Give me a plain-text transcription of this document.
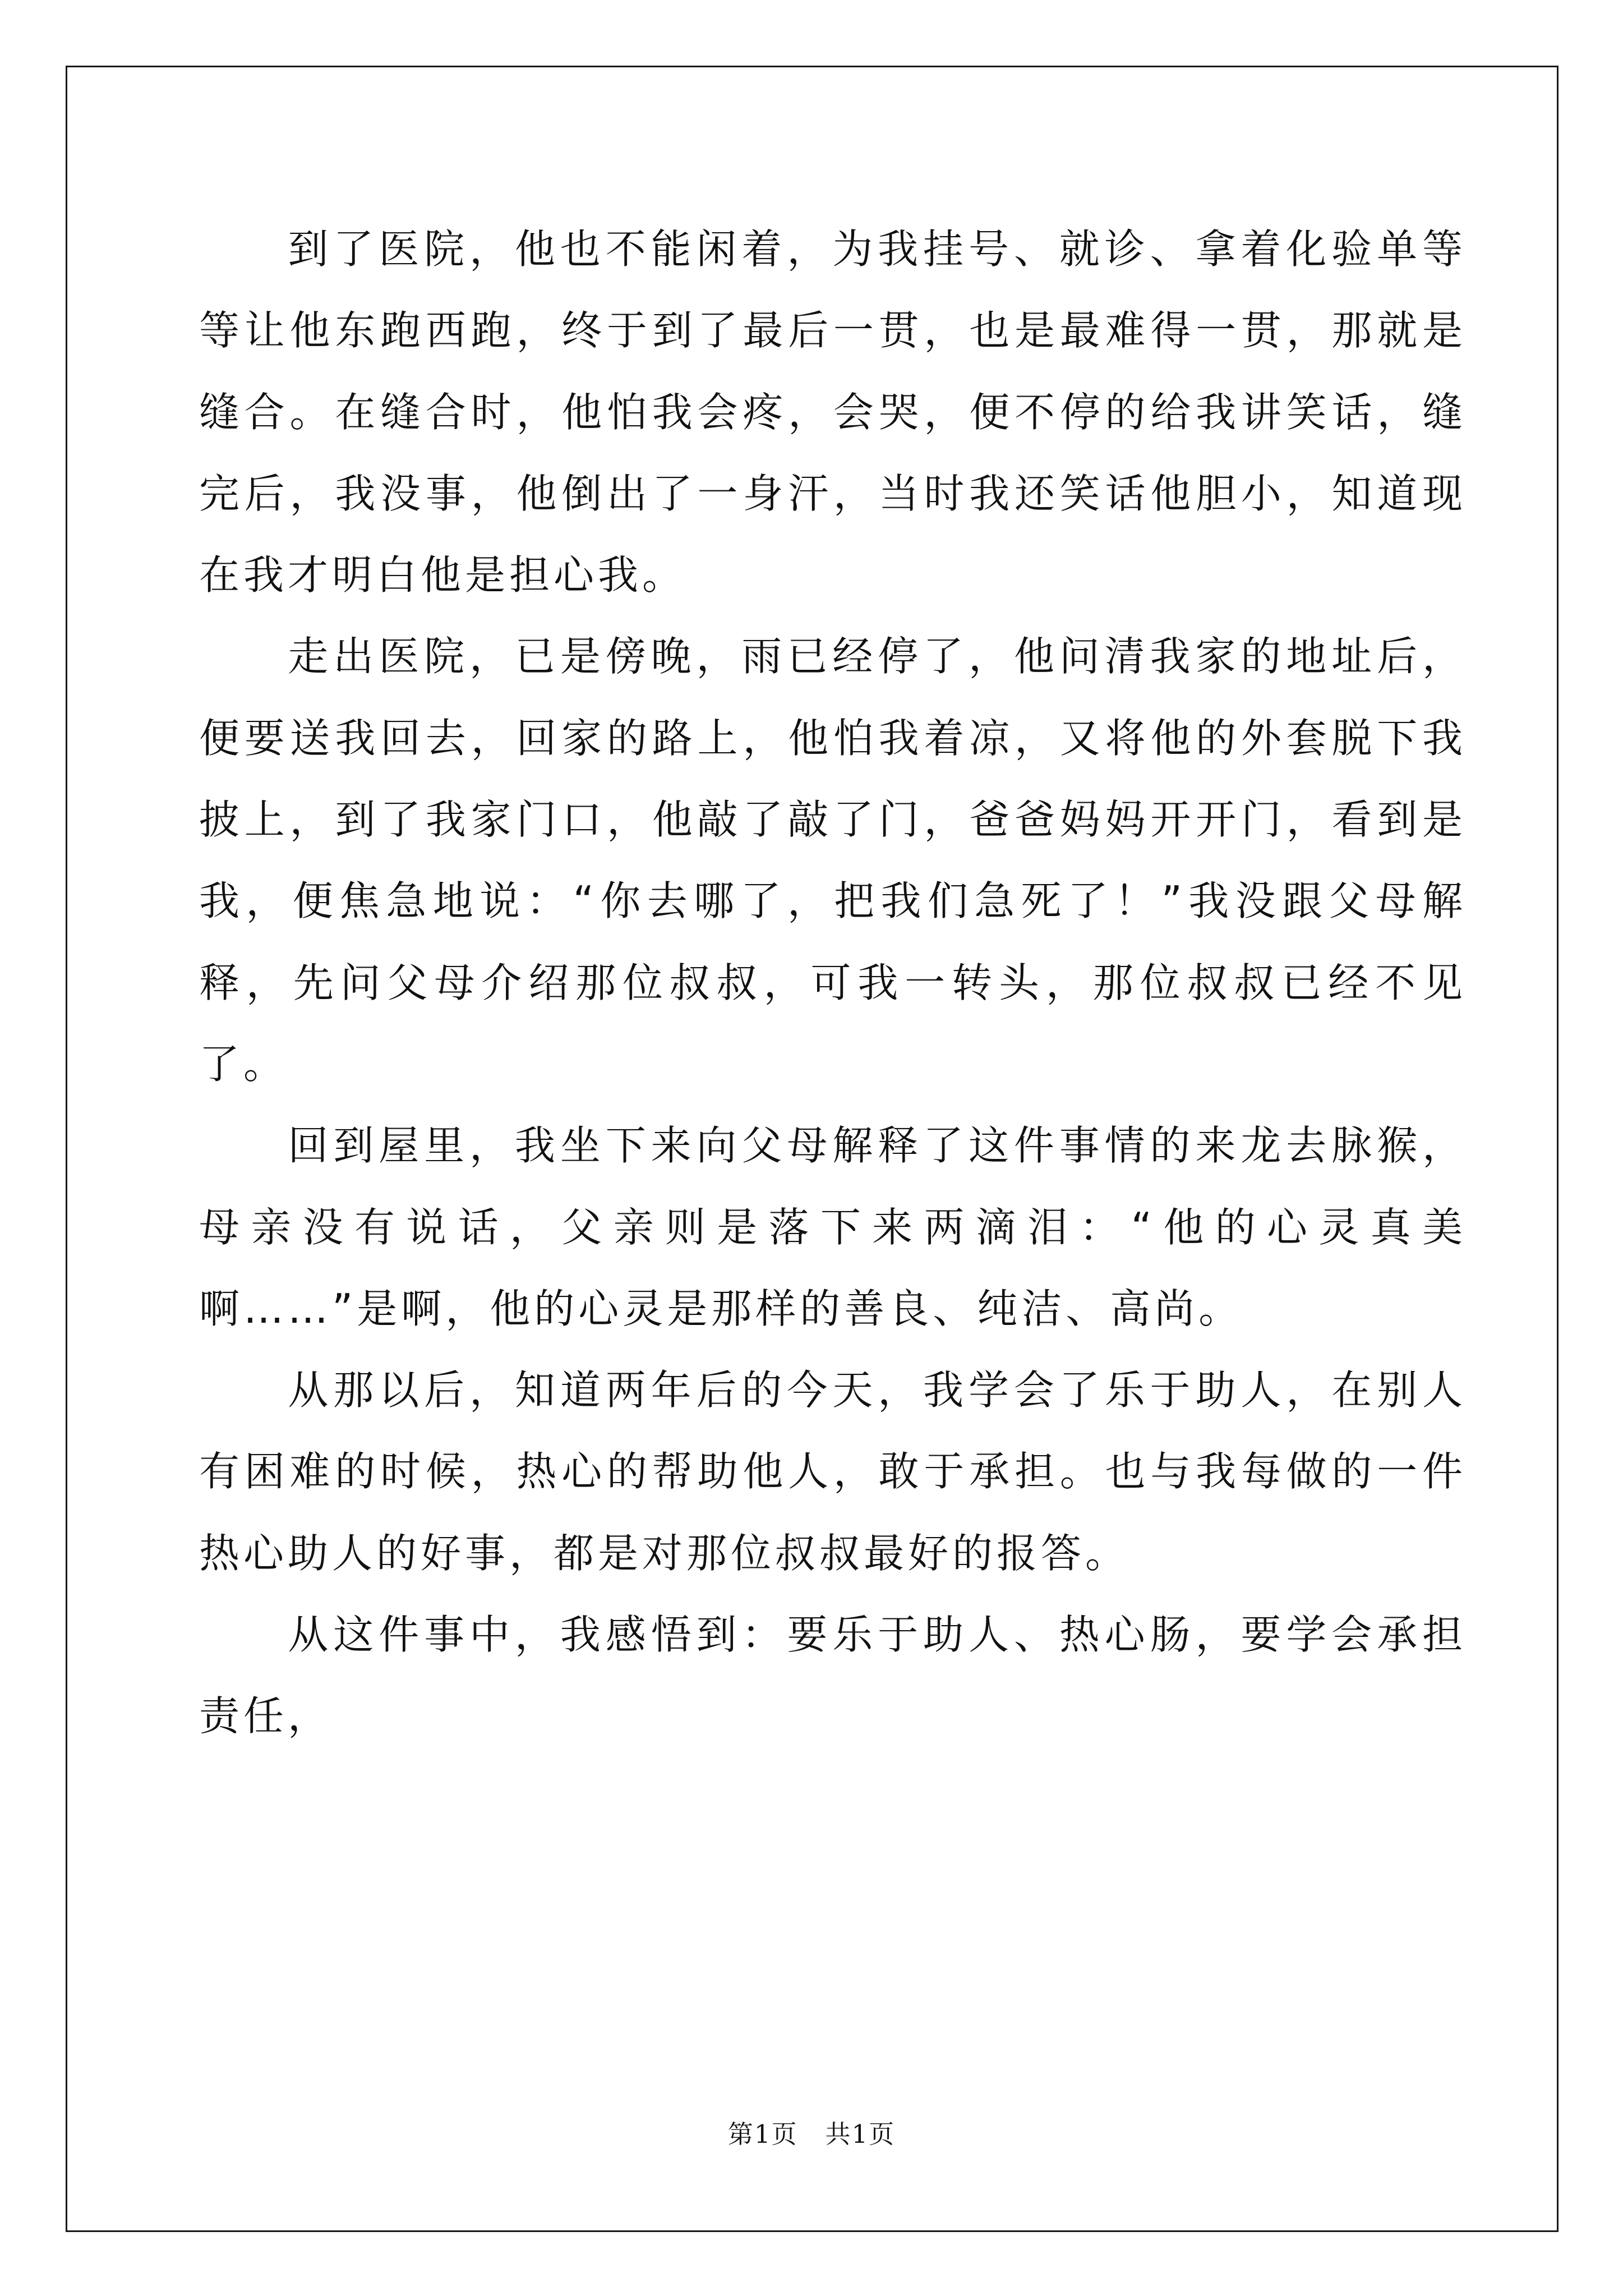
到了医院，他也不能闲着，为我挂号、就诊、拿着化验单等等让他东跑西跑，终于到了最后一贯，也是最难得一贯，那就是缝合。在缝合时，他怕我会疼，会哭，便不停的给我讲笑话，缝完后，我没事，他倒出了一身汗，当时我还笑话他胆小，知道现在我才明白他是担心我。

走出医院，已是傍晚，雨已经停了，他问清我家的地址后，便要送我回去，回家的路上，他怕我着凉，又将他的外套脱下我披上，到了我家门口，他敲了敲了门，爸爸妈妈开开门，看到是我，便焦急地说：“你去哪了，把我们急死了！”我没跟父母解释，先问父母介绍那位叔叔，可我一转头，那位叔叔已经不见了。

回到屋里，我坐下来向父母解释了这件事情的来龙去脉猴，母亲没有说话，父亲则是落下来两滴泪：“他的心灵真美啊……”是啊，他的心灵是那样的善良、纯洁、高尚。

从那以后，知道两年后的今天，我学会了乐于助人，在别人有困难的时候，热心的帮助他人，敢于承担。也与我每做的一件热心助人的好事，都是对那位叔叔最好的报答。

从这件事中，我感悟到：要乐于助人、热心肠，要学会承担责任，

第1页   共1页
